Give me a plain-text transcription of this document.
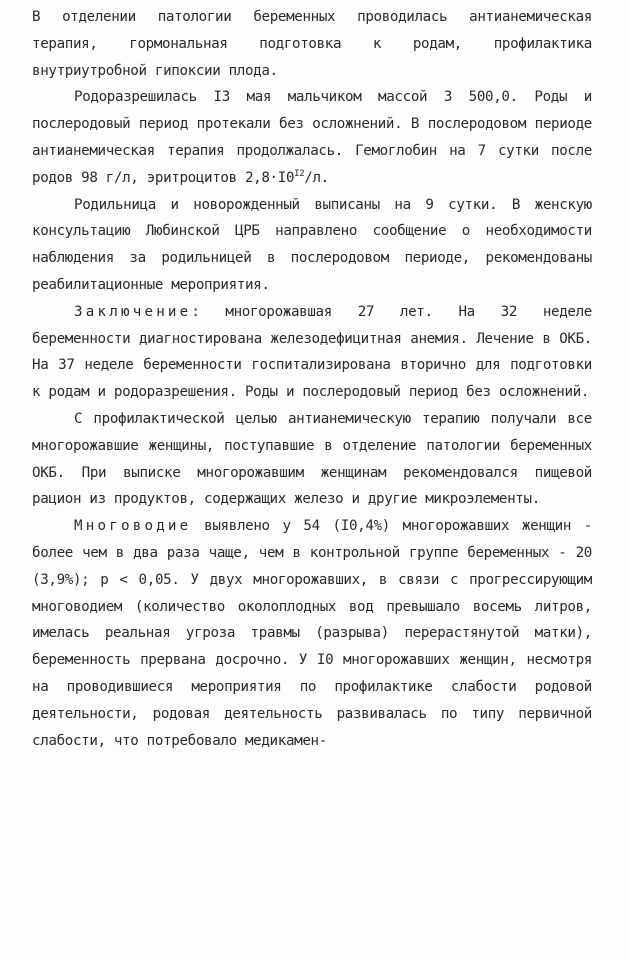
В отделении патологии беременных проводилась антианемическая терапия, гормональная подготовка к родам, профилактика внутриутробной гипоксии плода.

Родоразрешилась I3 мая мальчиком массой 3 500,0. Роды и послеродовый период протекали без осложнений. В послеродовом периоде антианемическая терапия продолжалась. Гемоглобин на 7 сутки после родов 98 г/л, эритроцитов $2,8\cdot I0^{I2}/л$.

Родильница и новорожденный выписаны на 9 сутки. В женскую консультацию Любинской ЦРБ направлено сообщение о необходимости наблюдения за родильницей в послеродовом периоде, рекомендованы реабилитационные мероприятия.

Заключение: многорожавшая 27 лет. На 32 неделе беременности диагностирована железодефицитная анемия. Лечение в ОКБ. На 37 неделе беременности госпитализирована вторично для подготовки к родам и родоразрешения. Роды и послеродовый период без осложнений.

С профилактической целью антианемическую терапию получали все многорожавшие женщины, поступавшие в отделение патологии беременных ОКБ. При выписке многорожавшим женщинам рекомендовался пищевой рацион из продуктов, содержащих железо и другие микроэлементы.

Многоводие выявлено у 54 (I0,4%) многорожавших женщин - более чем в два раза чаще, чем в контрольной группе беременных - 20 (3,9%); р < 0,05. У двух многорожавших, в связи с прогрессирующим многоводием (количество околоплодных вод превышало восемь литров, имелась реальная угроза травмы (разрыва) перерастянутой матки), беременность прервана досрочно. У I0 многорожавших женщин, несмотря на проводившиеся мероприятия по профилактике слабости родовой деятельности, родовая деятельность развивалась по типу первичной слабости, что потребовало медикамен-
